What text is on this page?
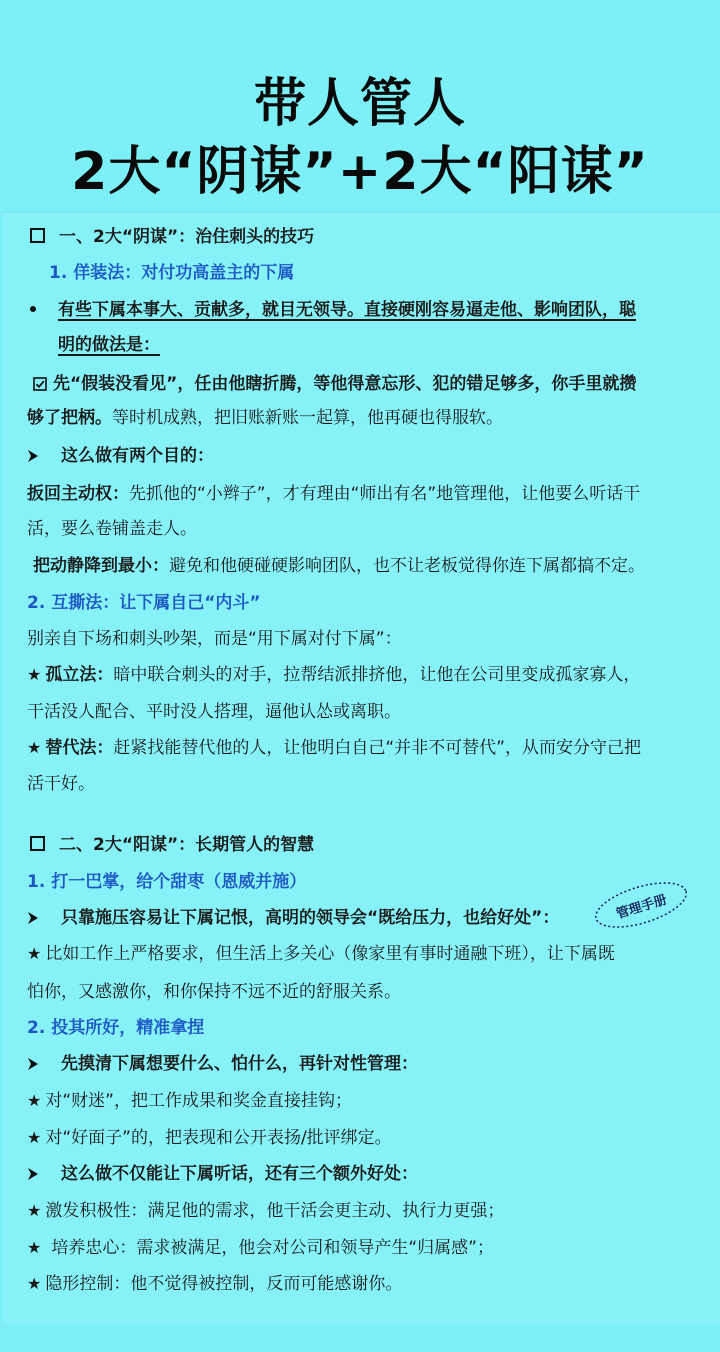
带人管人
2大“阴谋”+2大“阳谋”
一、2大“阴谋”：治住刺头的技巧
1. 佯装法：对付功高盖主的下属
有些下属本事大、贡献多，就目无领导。直接硬刚容易逼走他、影响团队，聪
明的做法是：
先“假装没看见”，任由他瞎折腾，等他得意忘形、犯的错足够多，你手里就攒
够了把柄。等时机成熟，把旧账新账一起算，他再硬也得服软。
这么做有两个目的：
扳回主动权：先抓他的“小辫子”，才有理由“师出有名”地管理他，让他要么听话干
活，要么卷铺盖走人。
把动静降到最小：避免和他硬碰硬影响团队，也不让老板觉得你连下属都搞不定。
2. 互撕法：让下属自己“内斗”
别亲自下场和刺头吵架，而是“用下属对付下属”：
★ 孤立法：暗中联合刺头的对手，拉帮结派排挤他，让他在公司里变成孤家寡人，
干活没人配合、平时没人搭理，逼他认怂或离职。
★ 替代法：赶紧找能替代他的人，让他明白自己“并非不可替代”，从而安分守己把
活干好。
二、2大“阳谋”：长期管人的智慧
1. 打一巴掌，给个甜枣（恩威并施）
只靠施压容易让下属记恨，高明的领导会“既给压力，也给好处”：	管理手册
★ 比如工作上严格要求，但生活上多关心（像家里有事时通融下班），让下属既
怕你，又感激你，和你保持不远不近的舒服关系。
2. 投其所好，精准拿捏
先摸清下属想要什么、怕什么，再针对性管理：
★ 对“财迷”，把工作成果和奖金直接挂钩；
★ 对“好面子”的，把表现和公开表扬/批评绑定。
这么做不仅能让下属听话，还有三个额外好处：
★ 激发积极性：满足他的需求，他干活会更主动、执行力更强；
★ 培养忠心：需求被满足，他会对公司和领导产生“归属感”；
★ 隐形控制：他不觉得被控制，反而可能感谢你。
